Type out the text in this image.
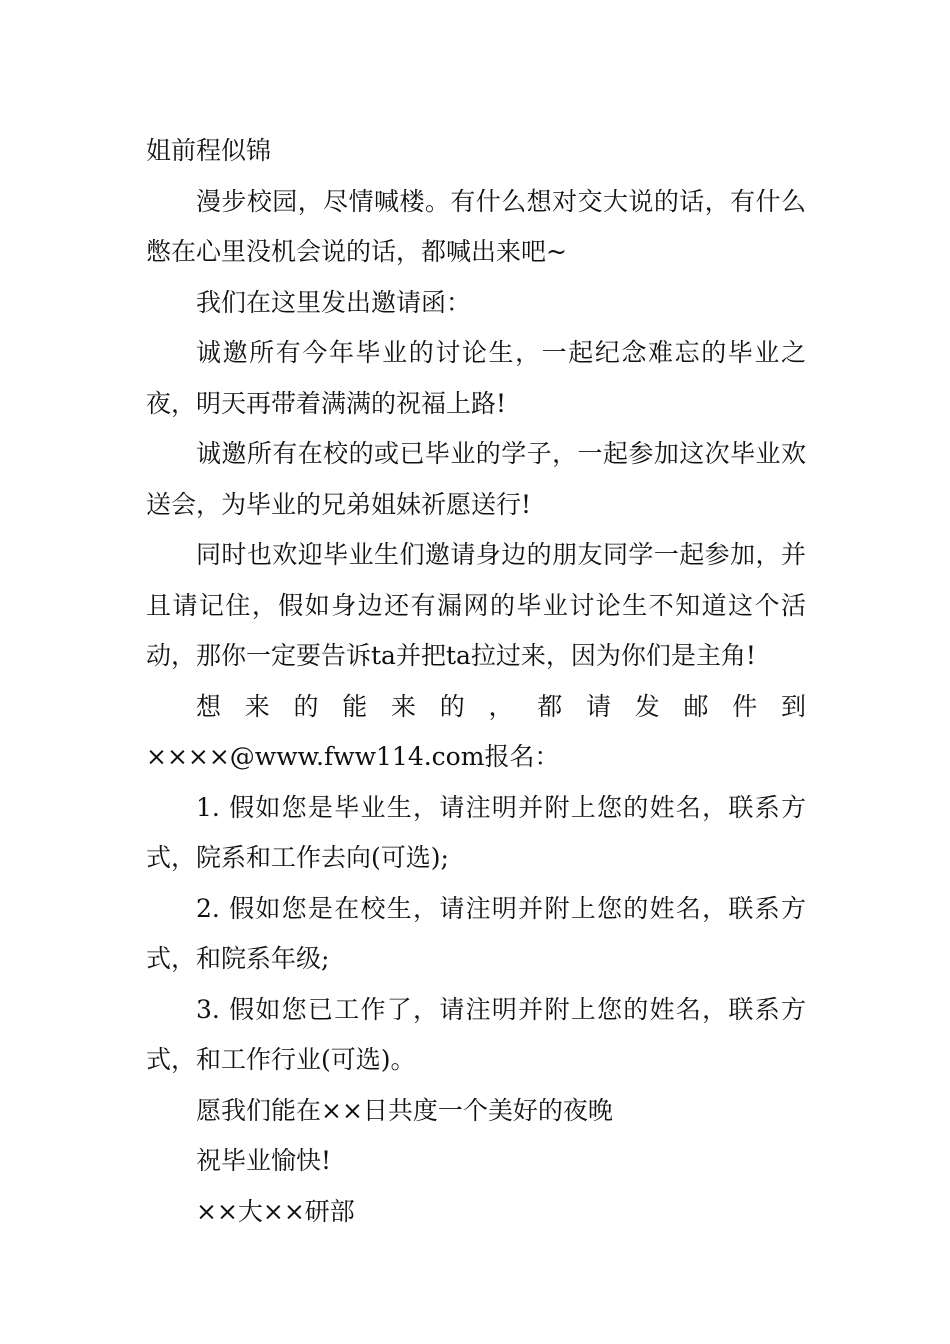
姐前程似锦

漫步校园，尽情喊楼。有什么想对交大说的话，有什么憋在心里没机会说的话，都喊出来吧~

我们在这里发出邀请函：

诚邀所有今年毕业的讨论生，一起纪念难忘的毕业之夜，明天再带着满满的祝福上路!

诚邀所有在校的或已毕业的学子，一起参加这次毕业欢送会，为毕业的兄弟姐妹祈愿送行!

同时也欢迎毕业生们邀请身边的朋友同学一起参加，并且请记住，假如身边还有漏网的毕业讨论生不知道这个活动，那你一定要告诉ta并把ta拉过来，因为你们是主角!

想 来 的 能 来 的 ， 都 请 发 邮 件 到

××××@www.fww114.com报名：

1. 假如您是毕业生，请注明并附上您的姓名，联系方式，院系和工作去向(可选);

2. 假如您是在校生，请注明并附上您的姓名，联系方式，和院系年级;

3. 假如您已工作了，请注明并附上您的姓名，联系方式，和工作行业(可选)。

愿我们能在××日共度一个美好的夜晚

祝毕业愉快!

××大××研部
